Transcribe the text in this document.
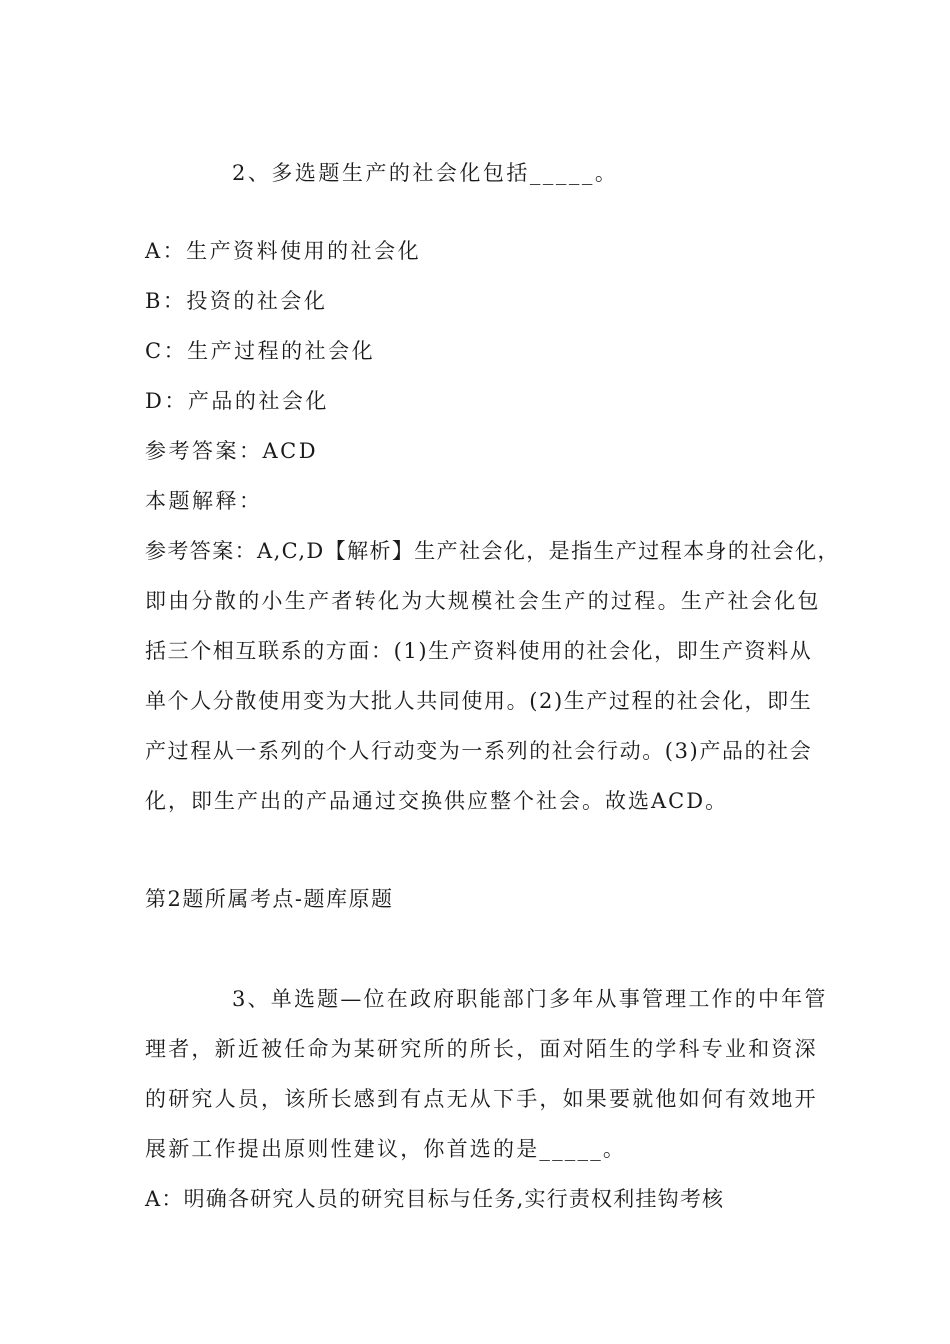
2、多选题生产的社会化包括_____。
A：生产资料使用的社会化
B：投资的社会化
C：生产过程的社会化
D：产品的社会化
参考答案：ACD
本题解释：
参考答案：A,C,D【解析】生产社会化，是指生产过程本身的社会化，
即由分散的小生产者转化为大规模社会生产的过程。生产社会化包
括三个相互联系的方面：(1)生产资料使用的社会化，即生产资料从
单个人分散使用变为大批人共同使用。(2)生产过程的社会化，即生
产过程从一系列的个人行动变为一系列的社会行动。(3)产品的社会
化，即生产出的产品通过交换供应整个社会。故选ACD。
第2题所属考点-题库原题
3、单选题—位在政府职能部门多年从事管理工作的中年管
理者，新近被任命为某研究所的所长，面对陌生的学科专业和资深
的研究人员，该所长感到有点无从下手，如果要就他如何有效地开
展新工作提出原则性建议，你首选的是_____。
A：明确各研究人员的研究目标与任务,实行责权利挂钩考核
